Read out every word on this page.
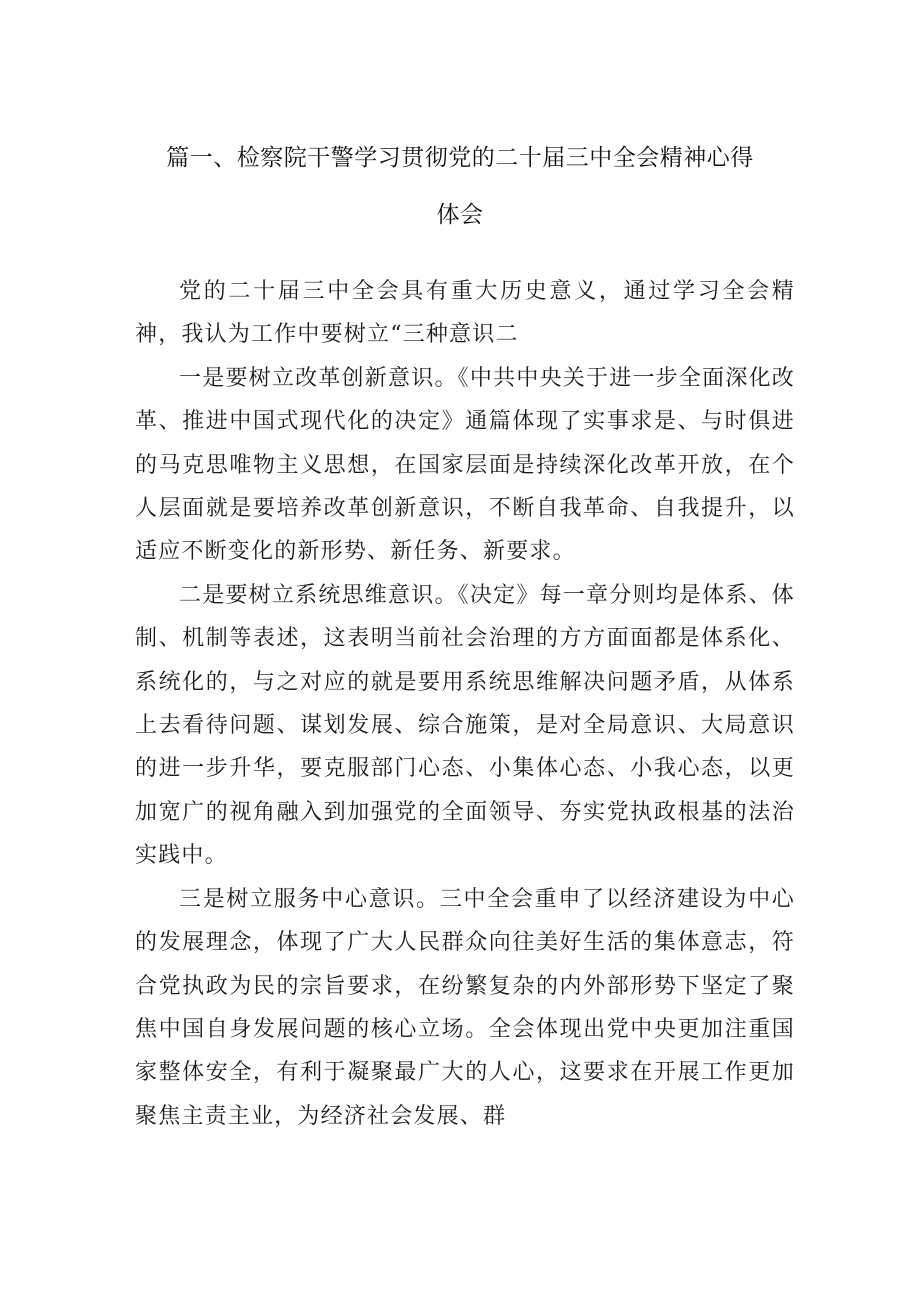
篇一、检察院干警学习贯彻党的二十届三中全会精神心得
体会

党的二十届三中全会具有重大历史意义，通过学习全会精神，我认为工作中要树立“三种意识二

一是要树立改革创新意识。《中共中央关于进一步全面深化改革、推进中国式现代化的决定》通篇体现了实事求是、与时俱进的马克思唯物主义思想，在国家层面是持续深化改革开放，在个人层面就是要培养改革创新意识，不断自我革命、自我提升，以适应不断变化的新形势、新任务、新要求。

二是要树立系统思维意识。《决定》每一章分则均是体系、体制、机制等表述，这表明当前社会治理的方方面面都是体系化、系统化的，与之对应的就是要用系统思维解决问题矛盾，从体系上去看待问题、谋划发展、综合施策，是对全局意识、大局意识的进一步升华，要克服部门心态、小集体心态、小我心态，以更加宽广的视角融入到加强党的全面领导、夯实党执政根基的法治实践中。

三是树立服务中心意识。三中全会重申了以经济建设为中心的发展理念，体现了广大人民群众向往美好生活的集体意志，符合党执政为民的宗旨要求，在纷繁复杂的内外部形势下坚定了聚焦中国自身发展问题的核心立场。全会体现出党中央更加注重国家整体安全，有利于凝聚最广大的人心，这要求在开展工作更加聚焦主责主业，为经济社会发展、群
